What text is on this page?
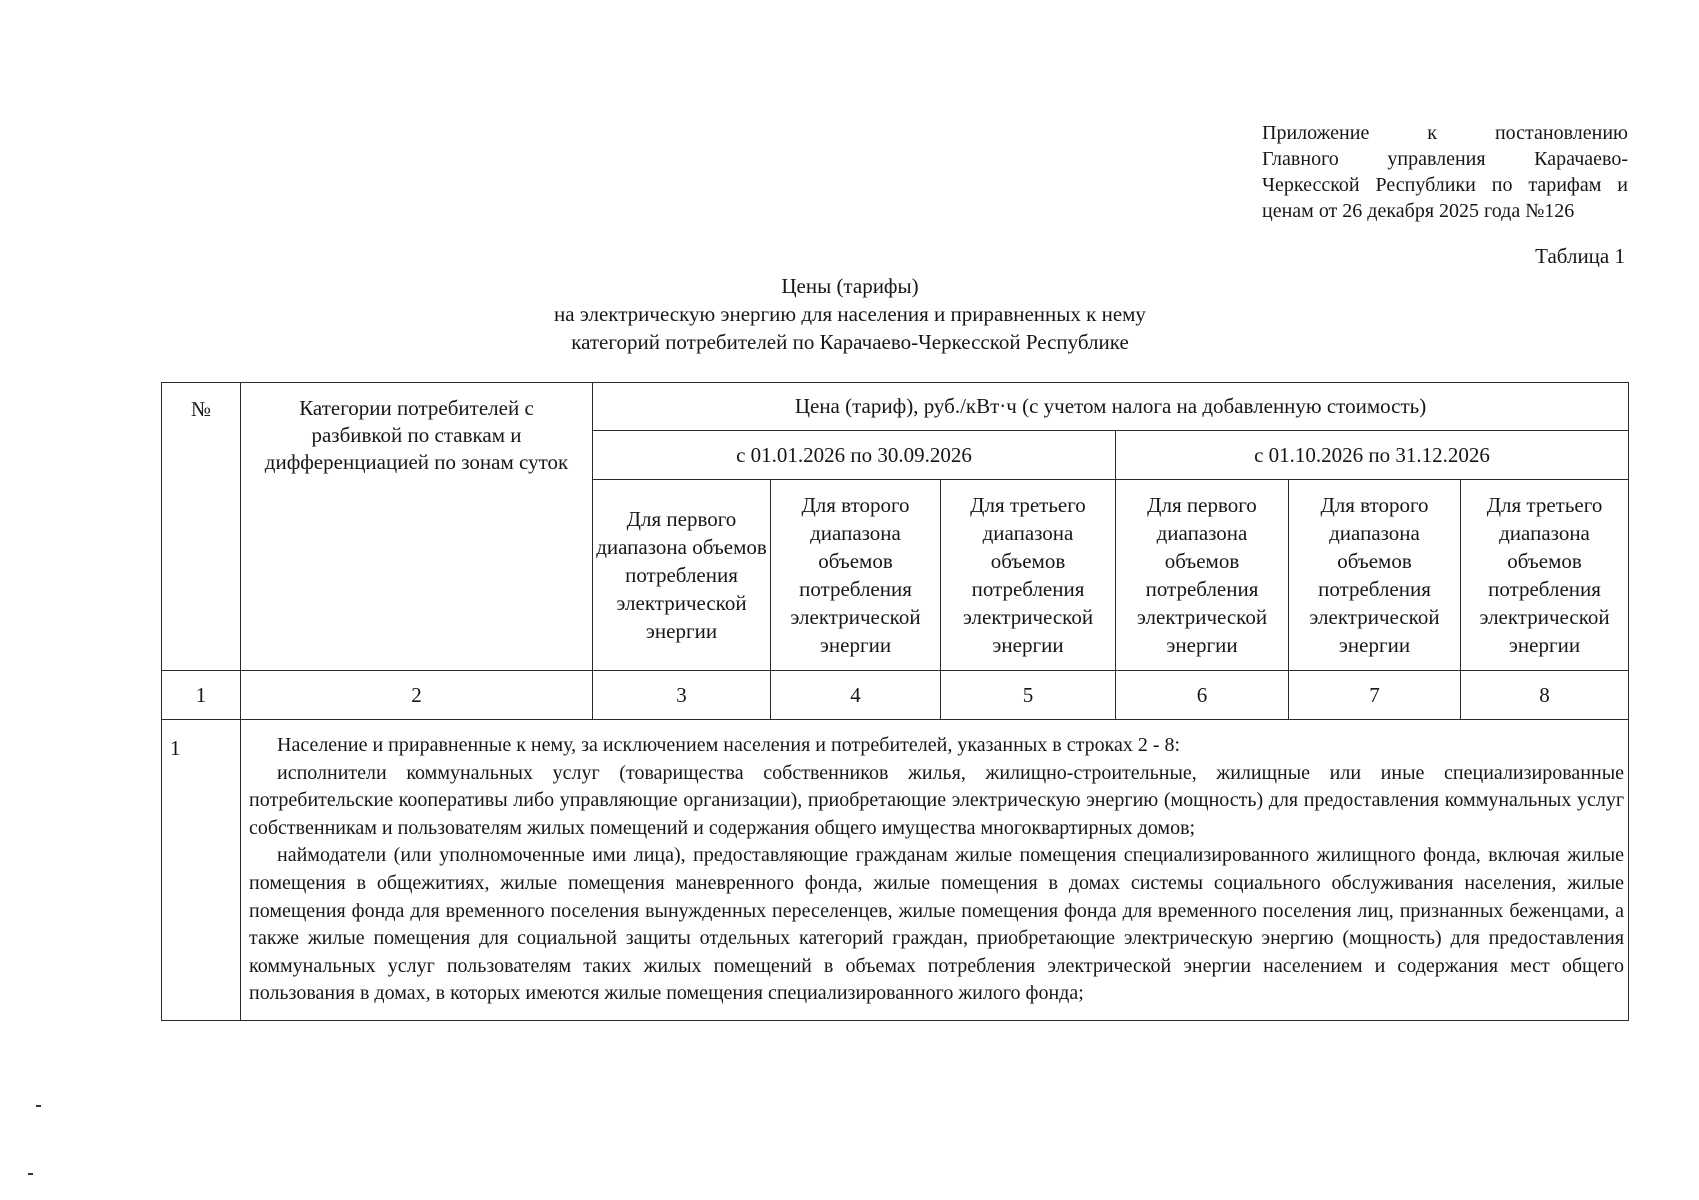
Приложение к постановлению
Главного управления Карачаево-
Черкесской Республики по тарифам и
ценам от 26 декабря 2025 года №126
Таблица 1
Цены (тарифы)
на электрическую энергию для населения и приравненных к нему
категорий потребителей по Карачаево-Черкесской Республике
№	Категории потребителей с разбивкой по ставкам и дифференциацией по зонам суток	Цена (тариф), руб./кВт·ч (с учетом налога на добавленную стоимость)					
		с 01.01.2026 по 30.09.2026			с 01.10.2026 по 31.12.2026		
		Для первого диапазона объемов потребления электрической энергии	Для второго диапазона объемов потребления электрической энергии	Для третьего диапазона объемов потребления электрической энергии	Для первого диапазона объемов потребления электрической энергии	Для второго диапазона объемов потребления электрической энергии	Для третьего диапазона объемов потребления электрической энергии
1	2	3	4	5	6	7	8
1	Население и приравненные к нему, за исключением населения и потребителей, указанных в строках 2 - 8:

исполнители коммунальных услуг (товарищества собственников жилья, жилищно-строительные, жилищные или иные специализированные потребительские кооперативы либо управляющие организации), приобретающие электрическую энергию (мощность) для предоставления коммунальных услуг собственникам и пользователям жилых помещений и содержания общего имущества многоквартирных домов;

наймодатели (или уполномоченные ими лица), предоставляющие гражданам жилые помещения специализированного жилищного фонда, включая жилые помещения в общежитиях, жилые помещения маневренного фонда, жилые помещения в домах системы социального обслуживания населения, жилые помещения фонда для временного поселения вынужденных переселенцев, жилые помещения фонда для временного поселения лиц, признанных беженцами, а также жилые помещения для социальной защиты отдельных категорий граждан, приобретающие электрическую энергию (мощность) для предоставления коммунальных услуг пользователям таких жилых помещений в объемах потребления электрической энергии населением и содержания мест общего пользования в домах, в которых имеются жилые помещения специализированного жилого фонда;						
